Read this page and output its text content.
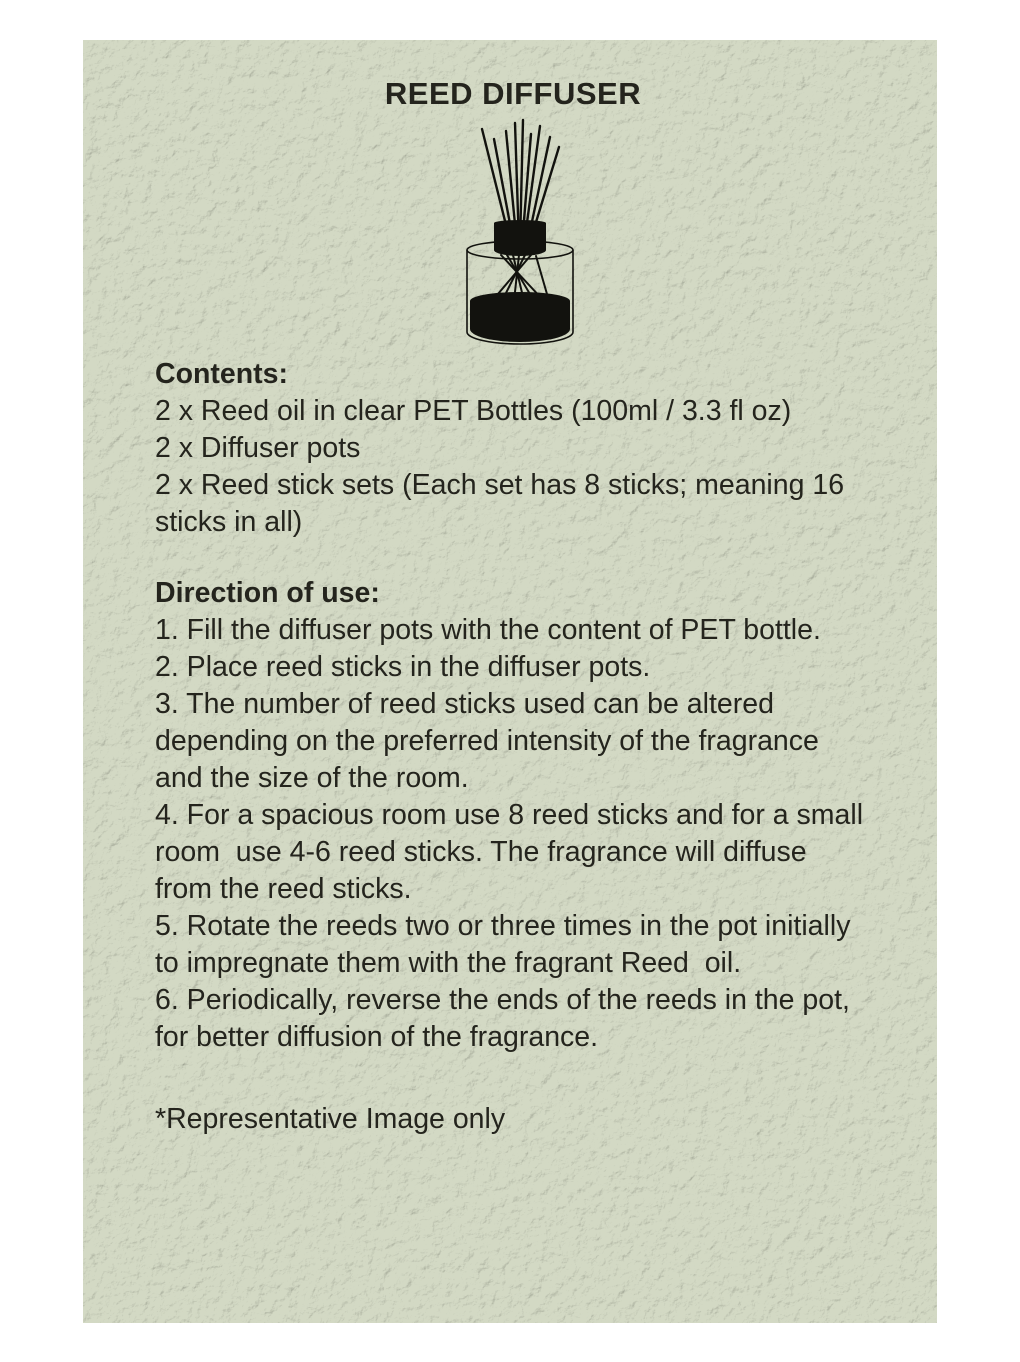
REED DIFFUSER
Contents:
2 x Reed oil in clear PET Bottles (100ml / 3.3 fl oz)
2 x Diffuser pots
2 x Reed stick sets (Each set has 8 sticks; meaning 16 sticks in all)
Direction of use:
1. Fill the diffuser pots with the content of PET bottle.
2. Place reed sticks in the diffuser pots.
3. The number of reed sticks used can be altered depending on the preferred intensity of the fragrance and the size of the room.
4. For a spacious room use 8 reed sticks and for a small room  use 4-6 reed sticks. The fragrance will diffuse from the reed sticks.
5. Rotate the reeds two or three times in the pot initially to impregnate them with the fragrant Reed  oil.
6. Periodically, reverse the ends of the reeds in the pot, for better diffusion of the fragrance.
*Representative Image only
